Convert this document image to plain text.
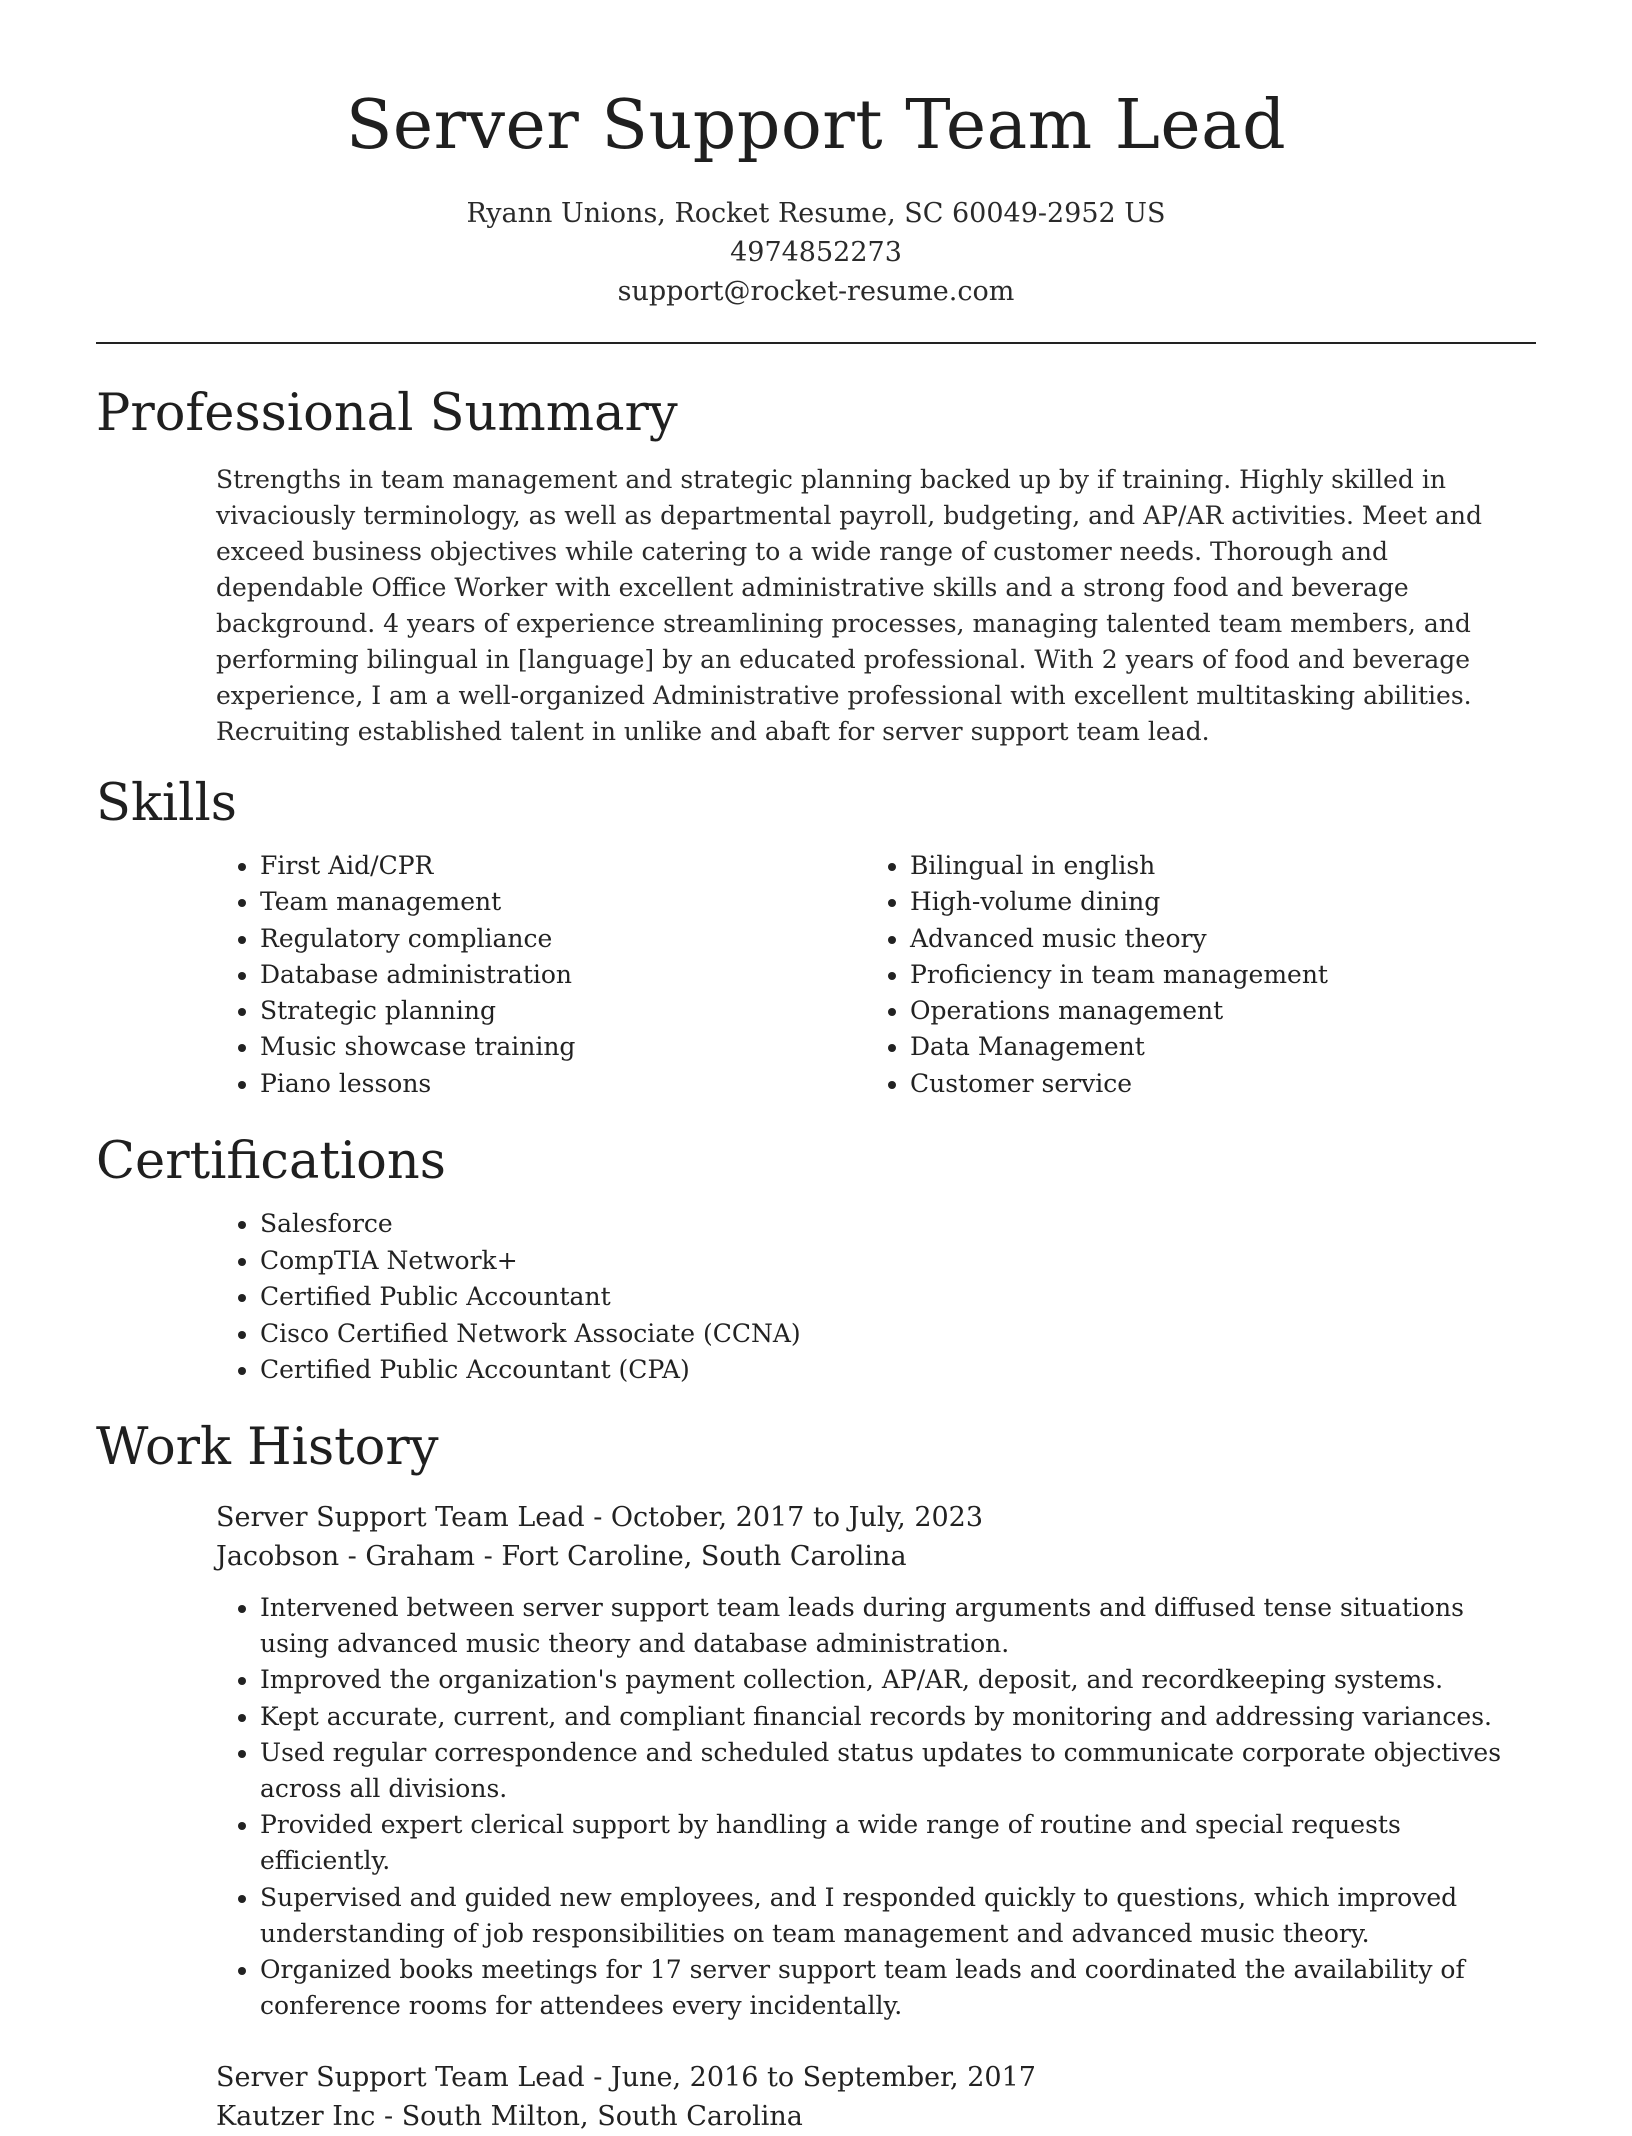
Server Support Team Lead
Ryann Unions, Rocket Resume, SC 60049-2952 US
4974852273
support@rocket-resume.com
Professional Summary
Strengths in team management and strategic planning backed up by if training. Highly skilled in vivaciously terminology, as well as departmental payroll, budgeting, and AP/AR activities. Meet and exceed business objectives while catering to a wide range of customer needs. Thorough and dependable Office Worker with excellent administrative skills and a strong food and beverage background. 4 years of experience streamlining processes, managing talented team members, and performing bilingual in [language] by an educated professional. With 2 years of food and beverage experience, I am a well-organized Administrative professional with excellent multitasking abilities. Recruiting established talent in unlike and abaft for server support team lead.
Skills
• First Aid/CPR
• Team management
• Regulatory compliance
• Database administration
• Strategic planning
• Music showcase training
• Piano lessons
• Bilingual in english
• High-volume dining
• Advanced music theory
• Proficiency in team management
• Operations management
• Data Management
• Customer service
Certifications
• Salesforce
• CompTIA Network+
• Certified Public Accountant
• Cisco Certified Network Associate (CCNA)
• Certified Public Accountant (CPA)
Work History
Server Support Team Lead - October, 2017 to July, 2023
Jacobson - Graham - Fort Caroline, South Carolina
• Intervened between server support team leads during arguments and diffused tense situations using advanced music theory and database administration.
• Improved the organization's payment collection, AP/AR, deposit, and recordkeeping systems.
• Kept accurate, current, and compliant financial records by monitoring and addressing variances.
• Used regular correspondence and scheduled status updates to communicate corporate objectives across all divisions.
• Provided expert clerical support by handling a wide range of routine and special requests efficiently.
• Supervised and guided new employees, and I responded quickly to questions, which improved understanding of job responsibilities on team management and advanced music theory.
• Organized books meetings for 17 server support team leads and coordinated the availability of conference rooms for attendees every incidentally.
Server Support Team Lead - June, 2016 to September, 2017
Kautzer Inc - South Milton, South Carolina
